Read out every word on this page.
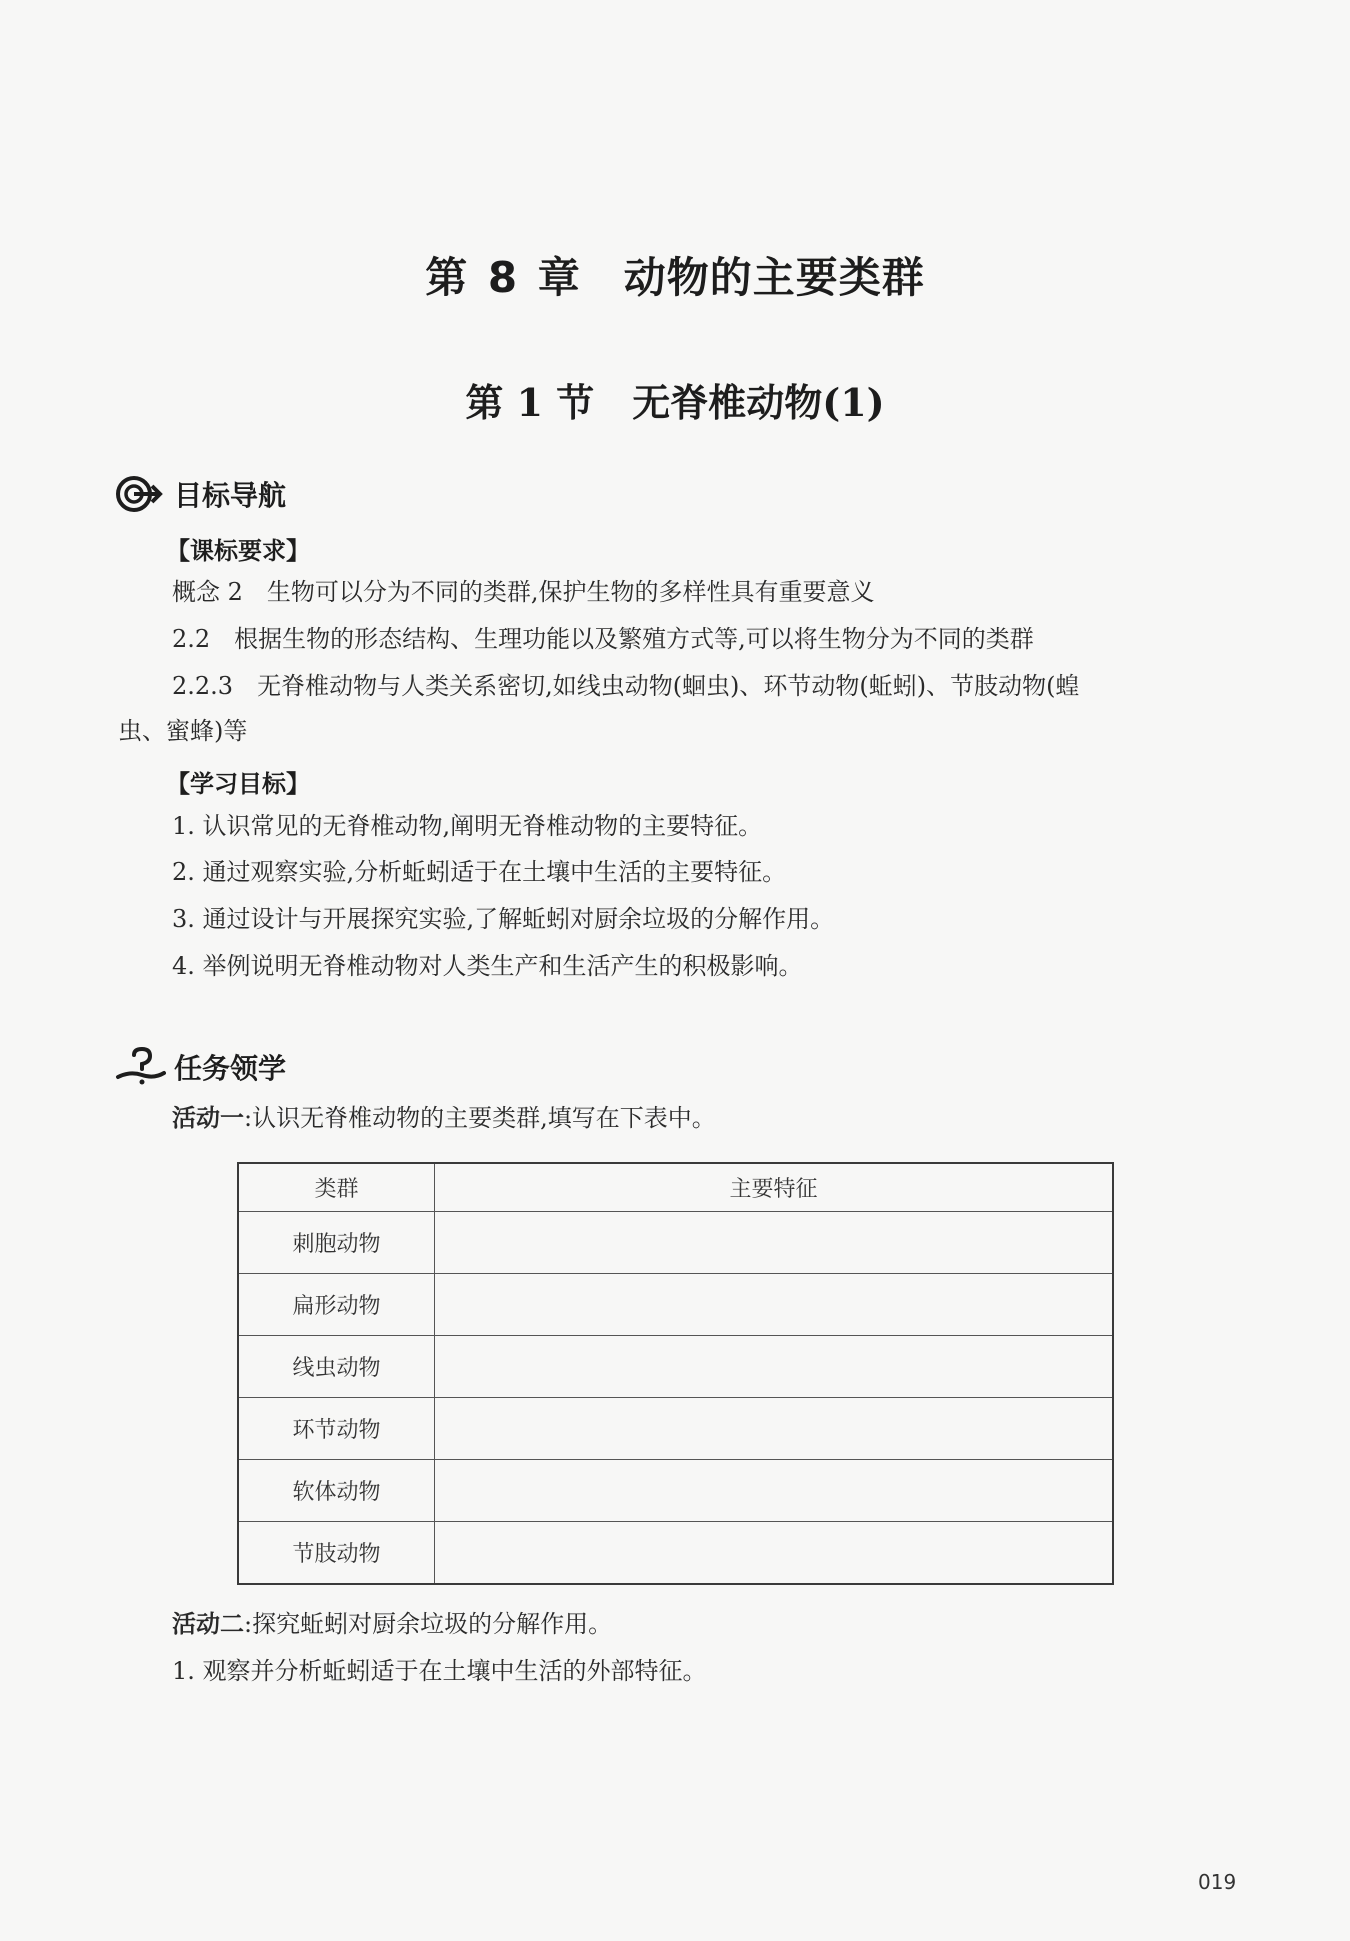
第 8 章　动物的主要类群
第 1 节　无脊椎动物(1)
目标导航
【课标要求】
概念 2　生物可以分为不同的类群,保护生物的多样性具有重要意义
2.2　根据生物的形态结构、生理功能以及繁殖方式等,可以将生物分为不同的类群
2.2.3　无脊椎动物与人类关系密切,如线虫动物(蛔虫)、环节动物(蚯蚓)、节肢动物(蝗
虫、蜜蜂)等
【学习目标】
1. 认识常见的无脊椎动物,阐明无脊椎动物的主要特征。
2. 通过观察实验,分析蚯蚓适于在土壤中生活的主要特征。
3. 通过设计与开展探究实验,了解蚯蚓对厨余垃圾的分解作用。
4. 举例说明无脊椎动物对人类生产和生活产生的积极影响。
任务领学
活动一:认识无脊椎动物的主要类群,填写在下表中。
类群	主要特征
刺胞动物	
扁形动物	
线虫动物	
环节动物	
软体动物	
节肢动物	
活动二:探究蚯蚓对厨余垃圾的分解作用。
1. 观察并分析蚯蚓适于在土壤中生活的外部特征。
019
